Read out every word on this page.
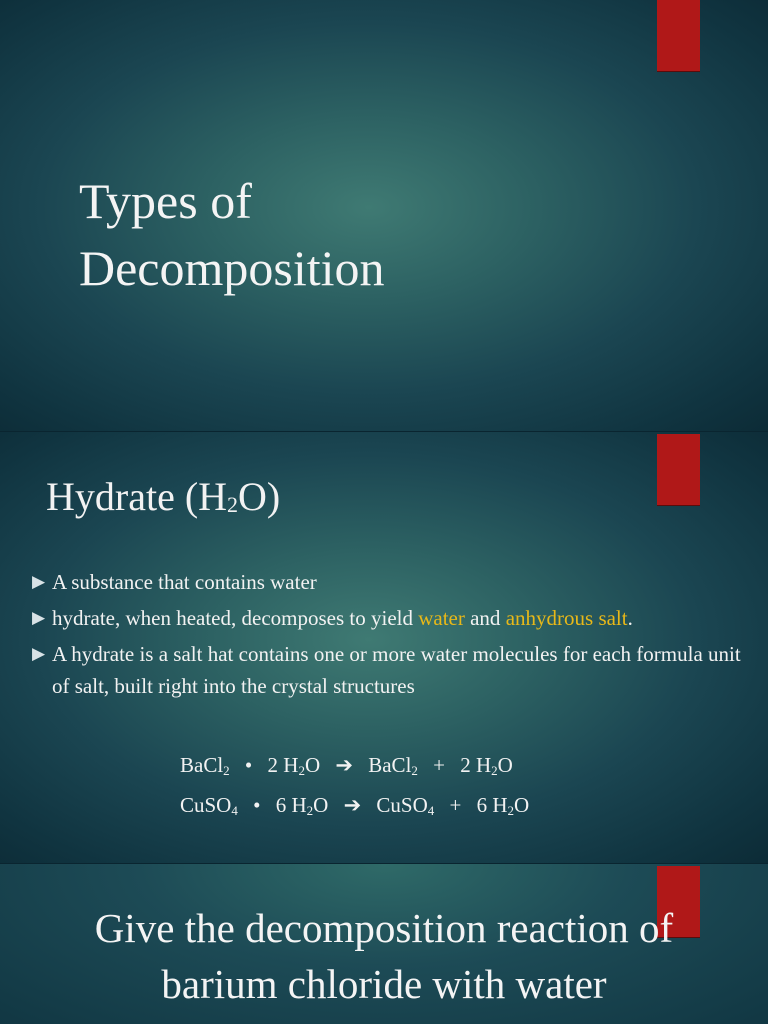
Types of
Decomposition
Hydrate $(H_2O)$
▶ A substance that contains water
▶ hydrate, when heated, decomposes to yield water and anhydrous salt.
▶ A hydrate is a salt hat contains one or more water molecules for each formula unit of salt, built right into the crystal structures
BaCl$_2$ • 2 $H_2O$ ➔ BaCl$_2$ + 2 $H_2O$
CuSO$_4$ • 6 $H_2O$ ➔ CuSO$_4$ + 6 $H_2O$
Give the decomposition reaction of
barium chloride with water
